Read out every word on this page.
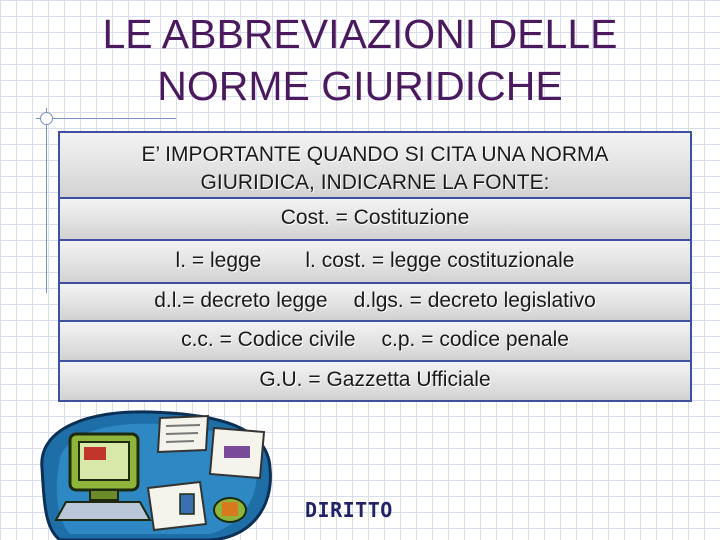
LE ABBREVIAZIONI DELLE
NORME GIURIDICHE
E’ IMPORTANTE QUANDO SI CITA UNA NORMA
GIURIDICA, INDICARNE LA FONTE:
Cost. = Costituzione
l. = legge l. cost. = legge costituzionale
d.l.= decreto legge d.lgs. = decreto legislativo
c.c. = Codice civile c.p. = codice penale
G.U. = Gazzetta Ufficiale
DIRITTO
